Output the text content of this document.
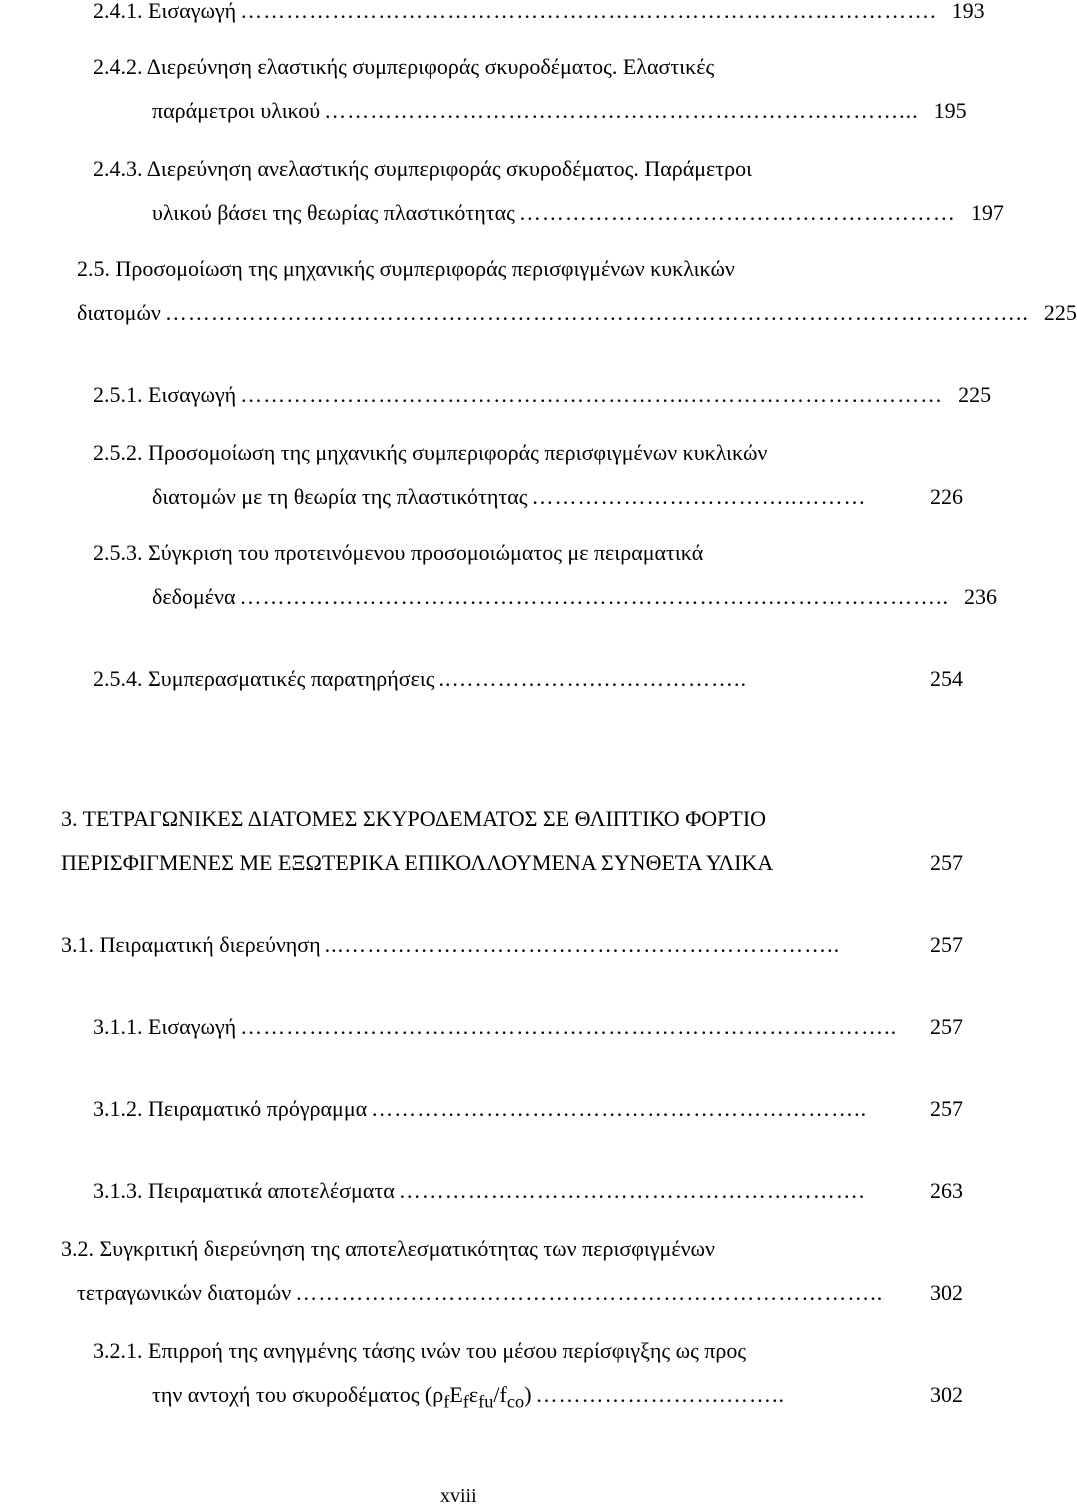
2.4.1. Εισαγωγή ………………………………………………………………………………. 193
2.4.2. Διερεύνηση ελαστικής συμπεριφοράς σκυροδέματος. Ελαστικές
παράμετροι υλικού …………………………………………………………………... 195
2.4.3. Διερεύνηση ανελαστικής συμπεριφοράς σκυροδέματος. Παράμετροι
υλικού βάσει της θεωρίας πλαστικότητας ………………………………………………… 197
2.5. Προσομοίωση της μηχανικής συμπεριφοράς περισφιγμένων κυκλικών
διατομών ………………………………………………………………………………………………….. 225
2.5.1. Εισαγωγή …………………………………………………..…………………………… 225
2.5.2. Προσομοίωση της μηχανικής συμπεριφοράς περισφιγμένων κυκλικών
διατομών με τη θεωρία της πλαστικότητας ……………………………..………	226
2.5.3. Σύγκριση του προτεινόμενου προσομοιώματος με πειραματικά
δεδομένα …………………………………………………………….………………….. 236
2.5.4. Συμπερασματικές παρατηρήσεις ..……………….………………..	254
3. ΤΕΤΡΑΓΩΝΙΚΕΣ ΔΙΑΤΟΜΕΣ ΣΚΥΡΟΔΕΜΑΤΟΣ ΣΕ ΘΛΙΠΤΙΚΟ ΦΟΡΤΙΟ
ΠΕΡΙΣΦΙΓΜΕΝΕΣ ΜΕ ΕΞΩΤΕΡΙΚΑ ΕΠΙΚΟΛΛΟΥΜΕΝΑ ΣΥΝΘΕΤΑ ΥΛΙΚΑ	257
3.1. Πειραματική διερεύνηση ...………………………………………………………..	257
3.1.1. Εισαγωγή …………………………………………………………………………..	257
3.1.2. Πειραματικό πρόγραμμα ………………………………………………………..	257
3.1.3. Πειραματικά αποτελέσματα …………………………………………………….	263
3.2. Συγκριτική διερεύνηση της αποτελεσματικότητας των περισφιγμένων
τετραγωνικών διατομών …………………………………………………………………..	302
3.2.1. Επιρροή της ανηγμένης τάσης ινών του μέσου περίσφιγξης ως προς
την αντοχή του σκυροδέματος $(\rho_fE_f\varepsilon_{fu}/f_{co})$ …………………….……..	302
xviii
